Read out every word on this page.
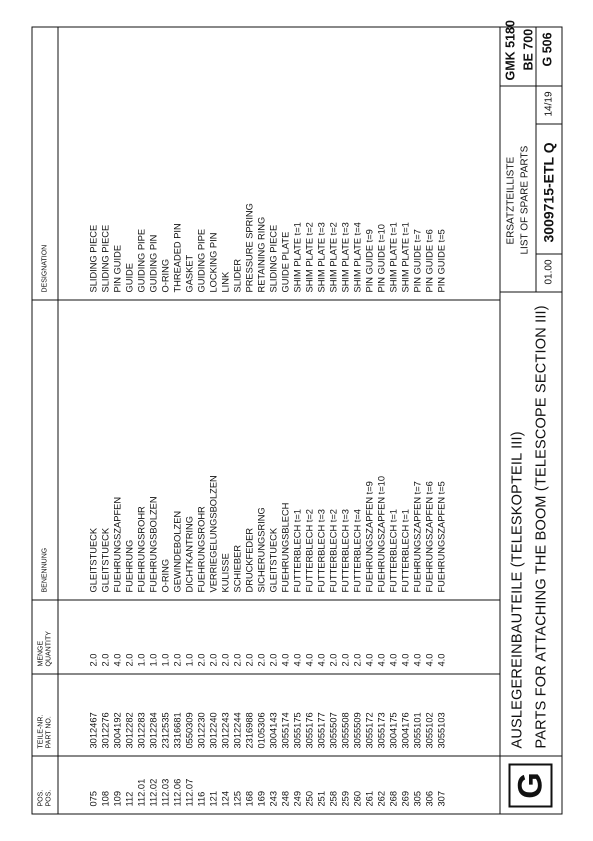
POS. POS.
TEILE-NR. PART NO.
MENGE QUANTITY
BENENNUNG
DESIGNATION
075
3012467
2.0
GLEITSTUECK
SLIDING PIECE
108
3012276
2.0
GLEITSTUECK
SLIDING PIECE
109
3004192
4.0
FUEHRUNGSZAPFEN
PIN GUIDE
112
3012282
2.0
FUEHRUNG
GUIDE
112.01
3012283
1.0
FUEHRUNGSROHR
GUIDING PIPE
112.02
3012284
1.0
FUEHRUNGSBOLZEN
GUIDING PIN
112.03
2312535
1.0
O-RING
O-RING
112.06
3316681
2.0
GEWINDEBOLZEN
THREADED PIN
112.07
0550309
1.0
DICHTKANTRING
GASKET
116
3012230
2.0
FUEHRUNGSROHR
GUIDING PIPE
121
3012240
2.0
VERRIEGELUNGSBOLZEN
LOCKING PIN
124
3012243
2.0
KULISSE
LINK
125
3012244
2.0
SCHIEBER
SLIDER
168
2316988
2.0
DRUCKFEDER
PRESSURE SPRING
169
0105306
2.0
SICHERUNGSRING
RETAINING RING
243
3004143
2.0
GLEITSTUECK
SLIDING PIECE
248
3055174
4.0
FUEHRUNGSBLECH
GUIDE PLATE
249
3055175
4.0
FUTTERBLECH t=1
SHIM PLATE t=1
250
3055176
4.0
FUTTERBLECH t=2
SHIM PLATE t=2
251
3055177
4.0
FUTTERBLECH t=3
SHIM PLATE t=3
258
3055507
2.0
FUTTERBLECH t=2
SHIM PLATE t=2
259
3055508
2.0
FUTTERBLECH t=3
SHIM PLATE t=3
260
3055509
2.0
FUTTERBLECH t=4
SHIM PLATE t=4
261
3055172
4.0
FUEHRUNGSZAPFEN t=9
PIN GUIDE t=9
262
3055173
4.0
FUEHRUNGSZAPFEN t=10
PIN GUIDE t=10
268
3004175
4.0
FUTTERBLECH t=1
SHIM PLATE t=1
269
3004176
4.0
FUTTERBLECH t=1
SHIM PLATE t=1
305
3055101
4.0
FUEHRUNGSZAPFEN t=7
PIN GUIDE t=7
306
3055102
4.0
FUEHRUNGSZAPFEN t=6
PIN GUIDE t=6
307
3055103
4.0
FUEHRUNGSZAPFEN t=5
PIN GUIDE t=5
G
AUSLEGEREINBAUTEILE (TELESKOPTEIL III) PARTS FOR ATTACHING THE BOOM (TELESCOPE SECTION III)
ERSATZTEILLISTE LIST OF SPARE PARTS
01.00
3009715-ETL Q
14/19
GMK 5180 BE 700 G 506
